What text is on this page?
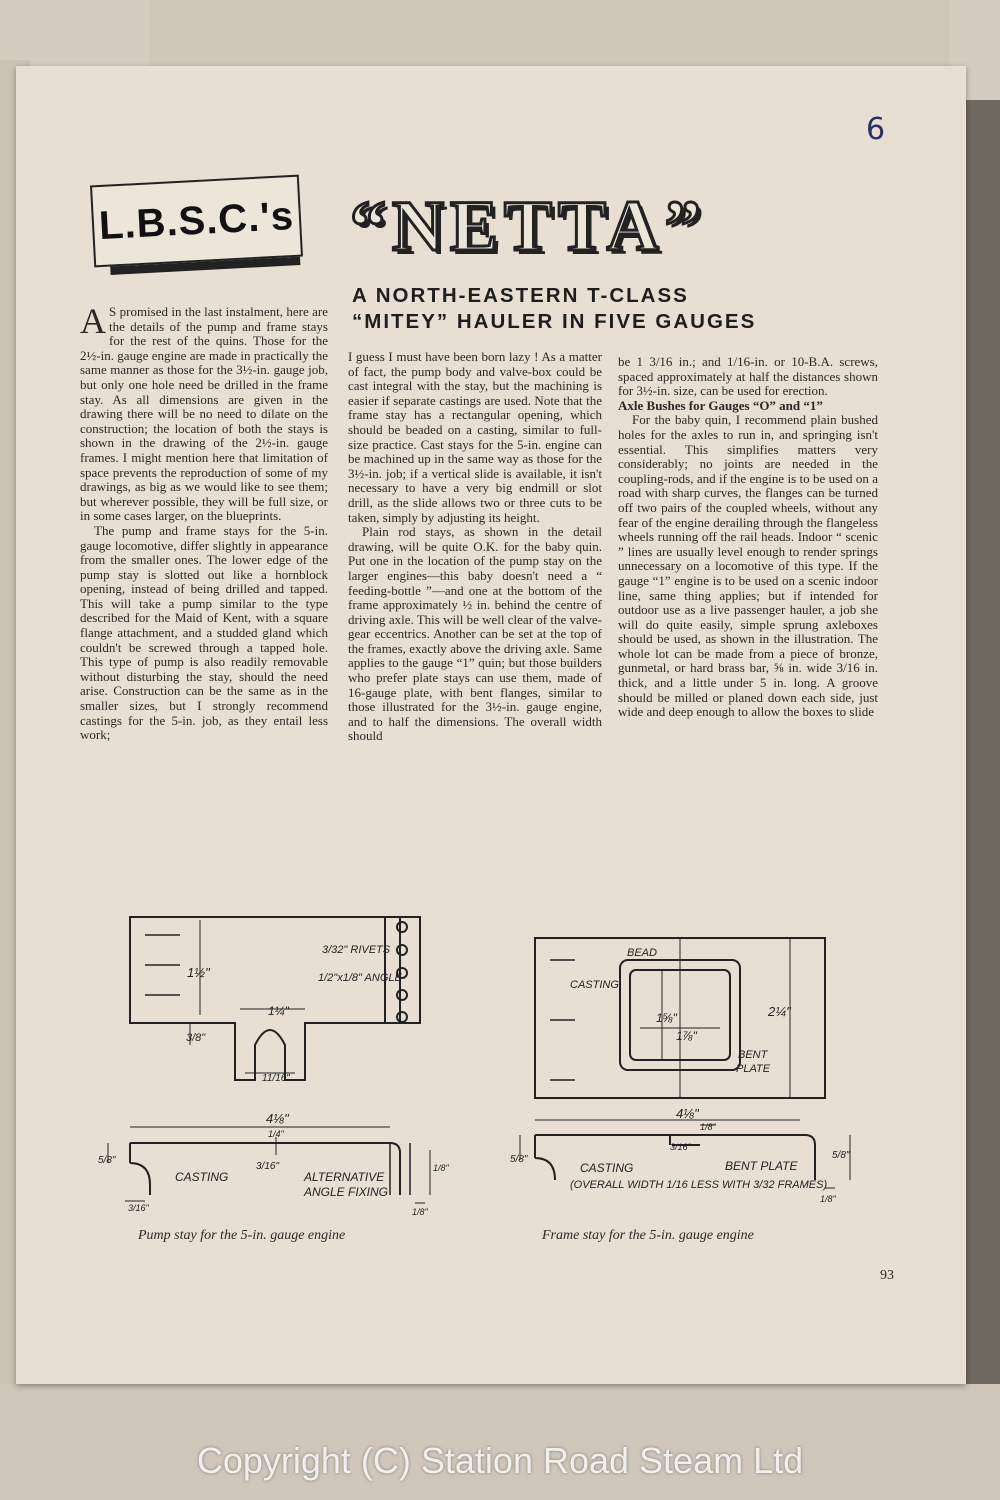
6
L.B.S.C.'s “NETTA”
A NORTH-EASTERN T-CLASS
“MITEY” HAULER IN FIVE GAUGES

A S promised in the last instalment, here are the details of the pump and frame stays for the rest of the quins. Those for the 2½-in. gauge engine are made in practically the same manner as those for the 3½-in. gauge job, but only one hole need be drilled in the frame stay. As all dimensions are given in the drawing there will be no need to dilate on the construction; the location of both the stays is shown in the drawing of the 2½-in. gauge frames. I might mention here that limitation of space prevents the reproduction of some of my drawings, as big as we would like to see them; but wherever possible, they will be full size, or in some cases larger, on the blueprints.

The pump and frame stays for the 5-in. gauge locomotive, differ slightly in appearance from the smaller ones. The lower edge of the pump stay is slotted out like a hornblock opening, instead of being drilled and tapped. This will take a pump similar to the type described for the Maid of Kent, with a square flange attachment, and a studded gland which couldn't be screwed through a tapped hole. This type of pump is also readily removable without disturbing the stay, should the need arise. Construction can be the same as in the smaller sizes, but I strongly recommend castings for the 5-in. job, as they entail less work;

I guess I must have been born lazy ! As a matter of fact, the pump body and valve-box could be cast integral with the stay, but the machining is easier if separate castings are used. Note that the frame stay has a rectangular opening, which should be beaded on a casting, similar to full-size practice. Cast stays for the 5-in. engine can be machined up in the same way as those for the 3½-in. job; if a vertical slide is available, it isn't necessary to have a very big endmill or slot drill, as the slide allows two or three cuts to be taken, simply by adjusting its height.

Plain rod stays, as shown in the detail drawing, will be quite O.K. for the baby quin. Put one in the location of the pump stay on the larger engines—this baby doesn't need a “ feeding-bottle ”—and one at the bottom of the frame approximately ½ in. behind the centre of driving axle. This will be well clear of the valve-gear eccentrics. Another can be set at the top of the frames, exactly above the driving axle. Same applies to the gauge “1” quin; but those builders who prefer plate stays can use them, made of 16-gauge plate, with bent flanges, similar to those illustrated for the 3½-in. gauge engine, and to half the dimensions. The overall width should

be 1 3/16 in.; and 1/16-in. or 10-B.A. screws, spaced approximately at half the distances shown for 3½-in. size, can be used for erection.

Axle Bushes for Gauges “O” and “1”

For the baby quin, I recommend plain bushed holes for the axles to run in, and springing isn't essential. This simplifies matters very considerably; no joints are needed in the coupling-rods, and if the engine is to be used on a road with sharp curves, the flanges can be turned off two pairs of the coupled wheels, without any fear of the engine derailing through the flangeless wheels running off the rail heads. Indoor “ scenic ” lines are usually level enough to render springs unnecessary on a locomotive of this type. If the gauge “1” engine is to be used on a scenic indoor line, same thing applies; but if intended for outdoor use as a live passenger hauler, a job she will do quite easily, simple sprung axleboxes should be used, as shown in the illustration. The whole lot can be made from a piece of bronze, gunmetal, or hard brass bar, ⅝ in. wide 3/16 in. thick, and a little under 5 in. long. A groove should be milled or planed down each side, just wide and deep enough to allow the boxes to slide

3/32" RIVETS
1/2"x1/8" ANGLE
1½"
1¼"
3/8"
11/16"
4⅛"
5/8"
1/4"
CASTING
3/16"
ALTERNATIVE
ANGLE FIXING
1/8"
3/16"	1/8"
Pump stay for the 5-in. gauge engine
BEAD
CASTING
1⅝"
1⅞"
2¼"
BENT
PLATE
4⅛"
1/8"
3/16"
5/8"
CASTING	BENT PLATE
(OVERALL WIDTH 1/16 LESS WITH 3/32 FRAMES)
5/8"
1/8"
Frame stay for the 5-in. gauge engine
93
Copyright (C) Station Road Steam Ltd
